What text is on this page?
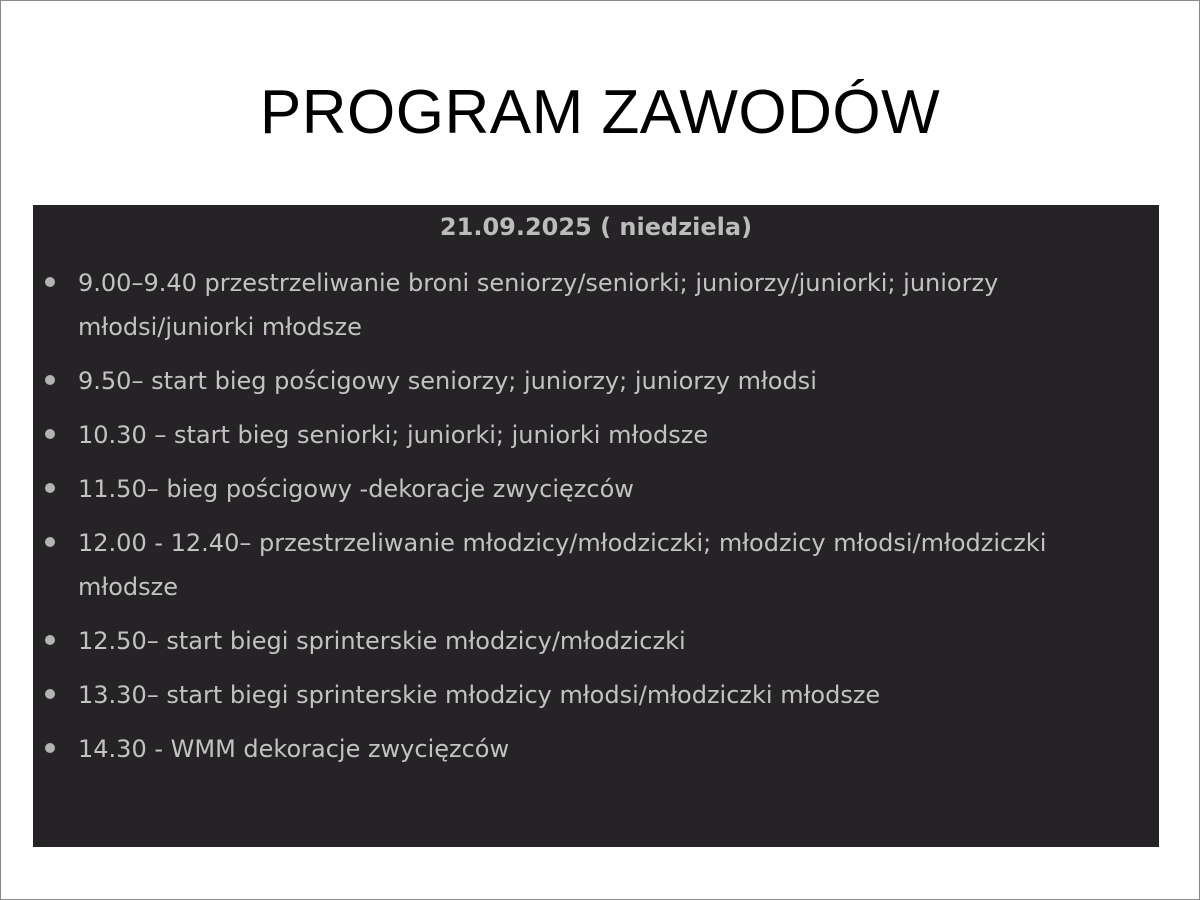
PROGRAM ZAWODÓW
21.09.2025 ( niedziela)
9.00–9.40 przestrzeliwanie broni seniorzy/seniorki; juniorzy/juniorki; juniorzy młodsi/juniorki młodsze
9.50– start bieg pościgowy seniorzy; juniorzy; juniorzy młodsi
10.30 – start bieg seniorki; juniorki; juniorki młodsze
11.50– bieg pościgowy -dekoracje zwycięzców
12.00 - 12.40– przestrzeliwanie młodzicy/młodziczki; młodzicy młodsi/młodziczki młodsze
12.50– start biegi sprinterskie młodzicy/młodziczki
13.30– start biegi sprinterskie młodzicy młodsi/młodziczki młodsze
14.30 - WMM dekoracje zwycięzców
